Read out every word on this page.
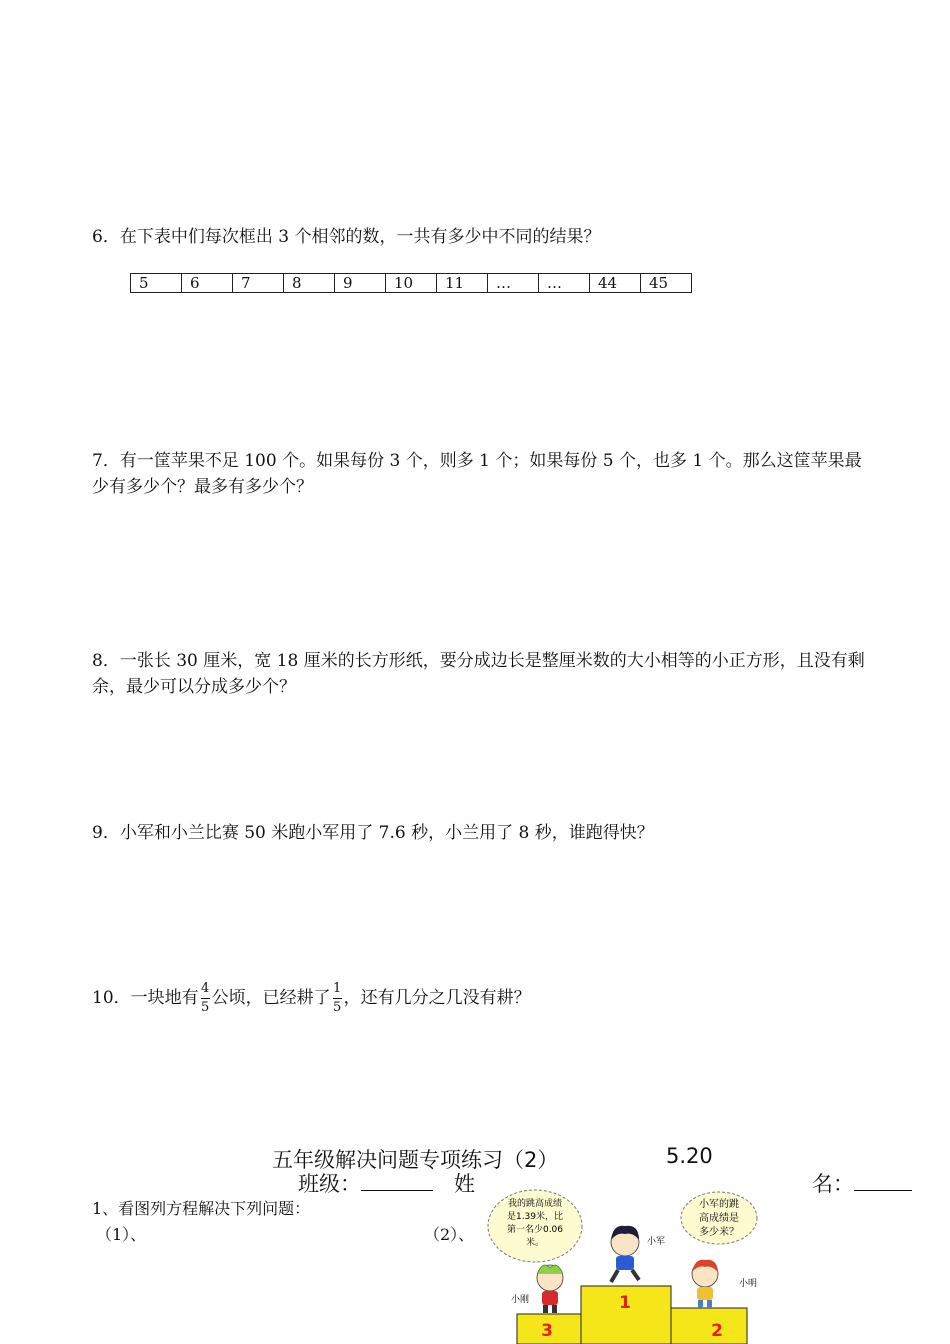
6．在下表中们每次框出 3 个相邻的数，一共有多少中不同的结果？

5	6	7	8	9	10	11	…	…	44	45

7．有一筐苹果不足 100 个。如果每份 3 个，则多 1 个；如果每份 5 个，也多 1 个。那么这筐苹果最少有多少个？最多有多少个？

8．一张长 30 厘米，宽 18 厘米的长方形纸，要分成边长是整厘米数的大小相等的小正方形，且没有剩余，最少可以分成多少个？

9．小军和小兰比赛 50 米跑小军用了 7.6 秒，小兰用了 8 秒，谁跑得快？

10．一块地有 $\frac{4}{5}$ 公顷，已经耕了 $\frac{1}{5}$ ，还有几分之几没有耕？

五年级解决问题专项练习（2）	5.20
班级：	姓	名：
1、看图列方程解决下列问题：
（1）、	（2）、
1
3	2
我的跳高成绩
是1.39米，比
第一名少0.06
米。
小军的跳
高成绩是
多少米？
小刚
小军
小明
